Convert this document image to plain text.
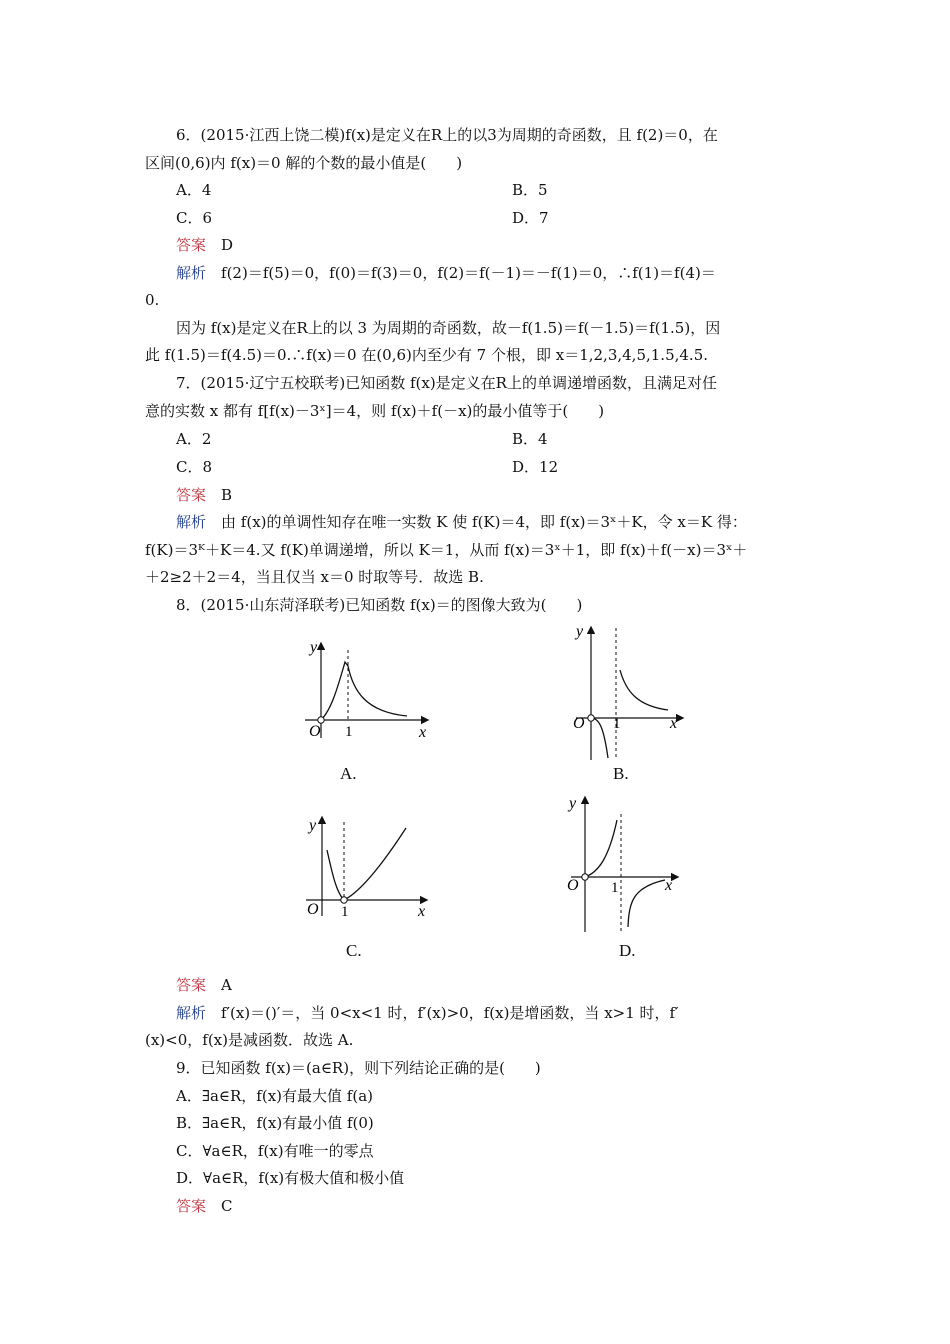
6．(2015·江西上饶二模)f(x)是定义在R上的以3为周期的奇函数，且 f(2)＝0，在
区间(0,6)内 f(x)＝0 解的个数的最小值是(　　)
A．4	B．5
C．6	D．7
答案　 D
解析　 f(2)＝f(5)＝0，f(0)＝f(3)＝0，f(2)＝f(－1)＝－f(1)＝0，∴f(1)＝f(4)＝
0.
因为 f(x)是定义在R上的以 3 为周期的奇函数，故－f(1.5)＝f(－1.5)＝f(1.5)，因
此 f(1.5)＝f(4.5)＝0.∴f(x)＝0 在(0,6)内至少有 7 个根，即 x＝1,2,3,4,5,1.5,4.5.
7．(2015·辽宁五校联考)已知函数 f(x)是定义在R上的单调递增函数，且满足对任
意的实数 x 都有 f[f(x)－3ˣ]＝4，则 f(x)＋f(－x)的最小值等于(　　)
A．2	B．4
C．8	D．12
答案　 B
解析　 由 f(x)的单调性知存在唯一实数 K 使 f(K)＝4，即 f(x)＝3ˣ＋K，令 x＝K 得：
f(K)＝3ᴷ＋K＝4.又 f(K)单调递增，所以 K＝1，从而 f(x)＝3ˣ＋1，即 f(x)＋f(－x)＝3ˣ＋
＋2≥2＋2＝4，当且仅当 x＝0 时取等号．故选 B.
8．(2015·山东菏泽联考)已知函数 f(x)＝的图像大致为(　　)
O 1	x
y
A.
O 1	x
y
B.
O 1	x
y
C.
O 1	x
y
D.
答案　 A
解析　 f′(x)＝()′＝，当 0<x<1 时，f′(x)>0，f(x)是增函数，当 x>1 时，f′
(x)<0，f(x)是减函数．故选 A.
9．已知函数 f(x)＝(a∈R)，则下列结论正确的是(　　)
A．∃a∈R，f(x)有最大值 f(a)
B．∃a∈R，f(x)有最小值 f(0)
C．∀a∈R，f(x)有唯一的零点
D．∀a∈R，f(x)有极大值和极小值
答案　 C
